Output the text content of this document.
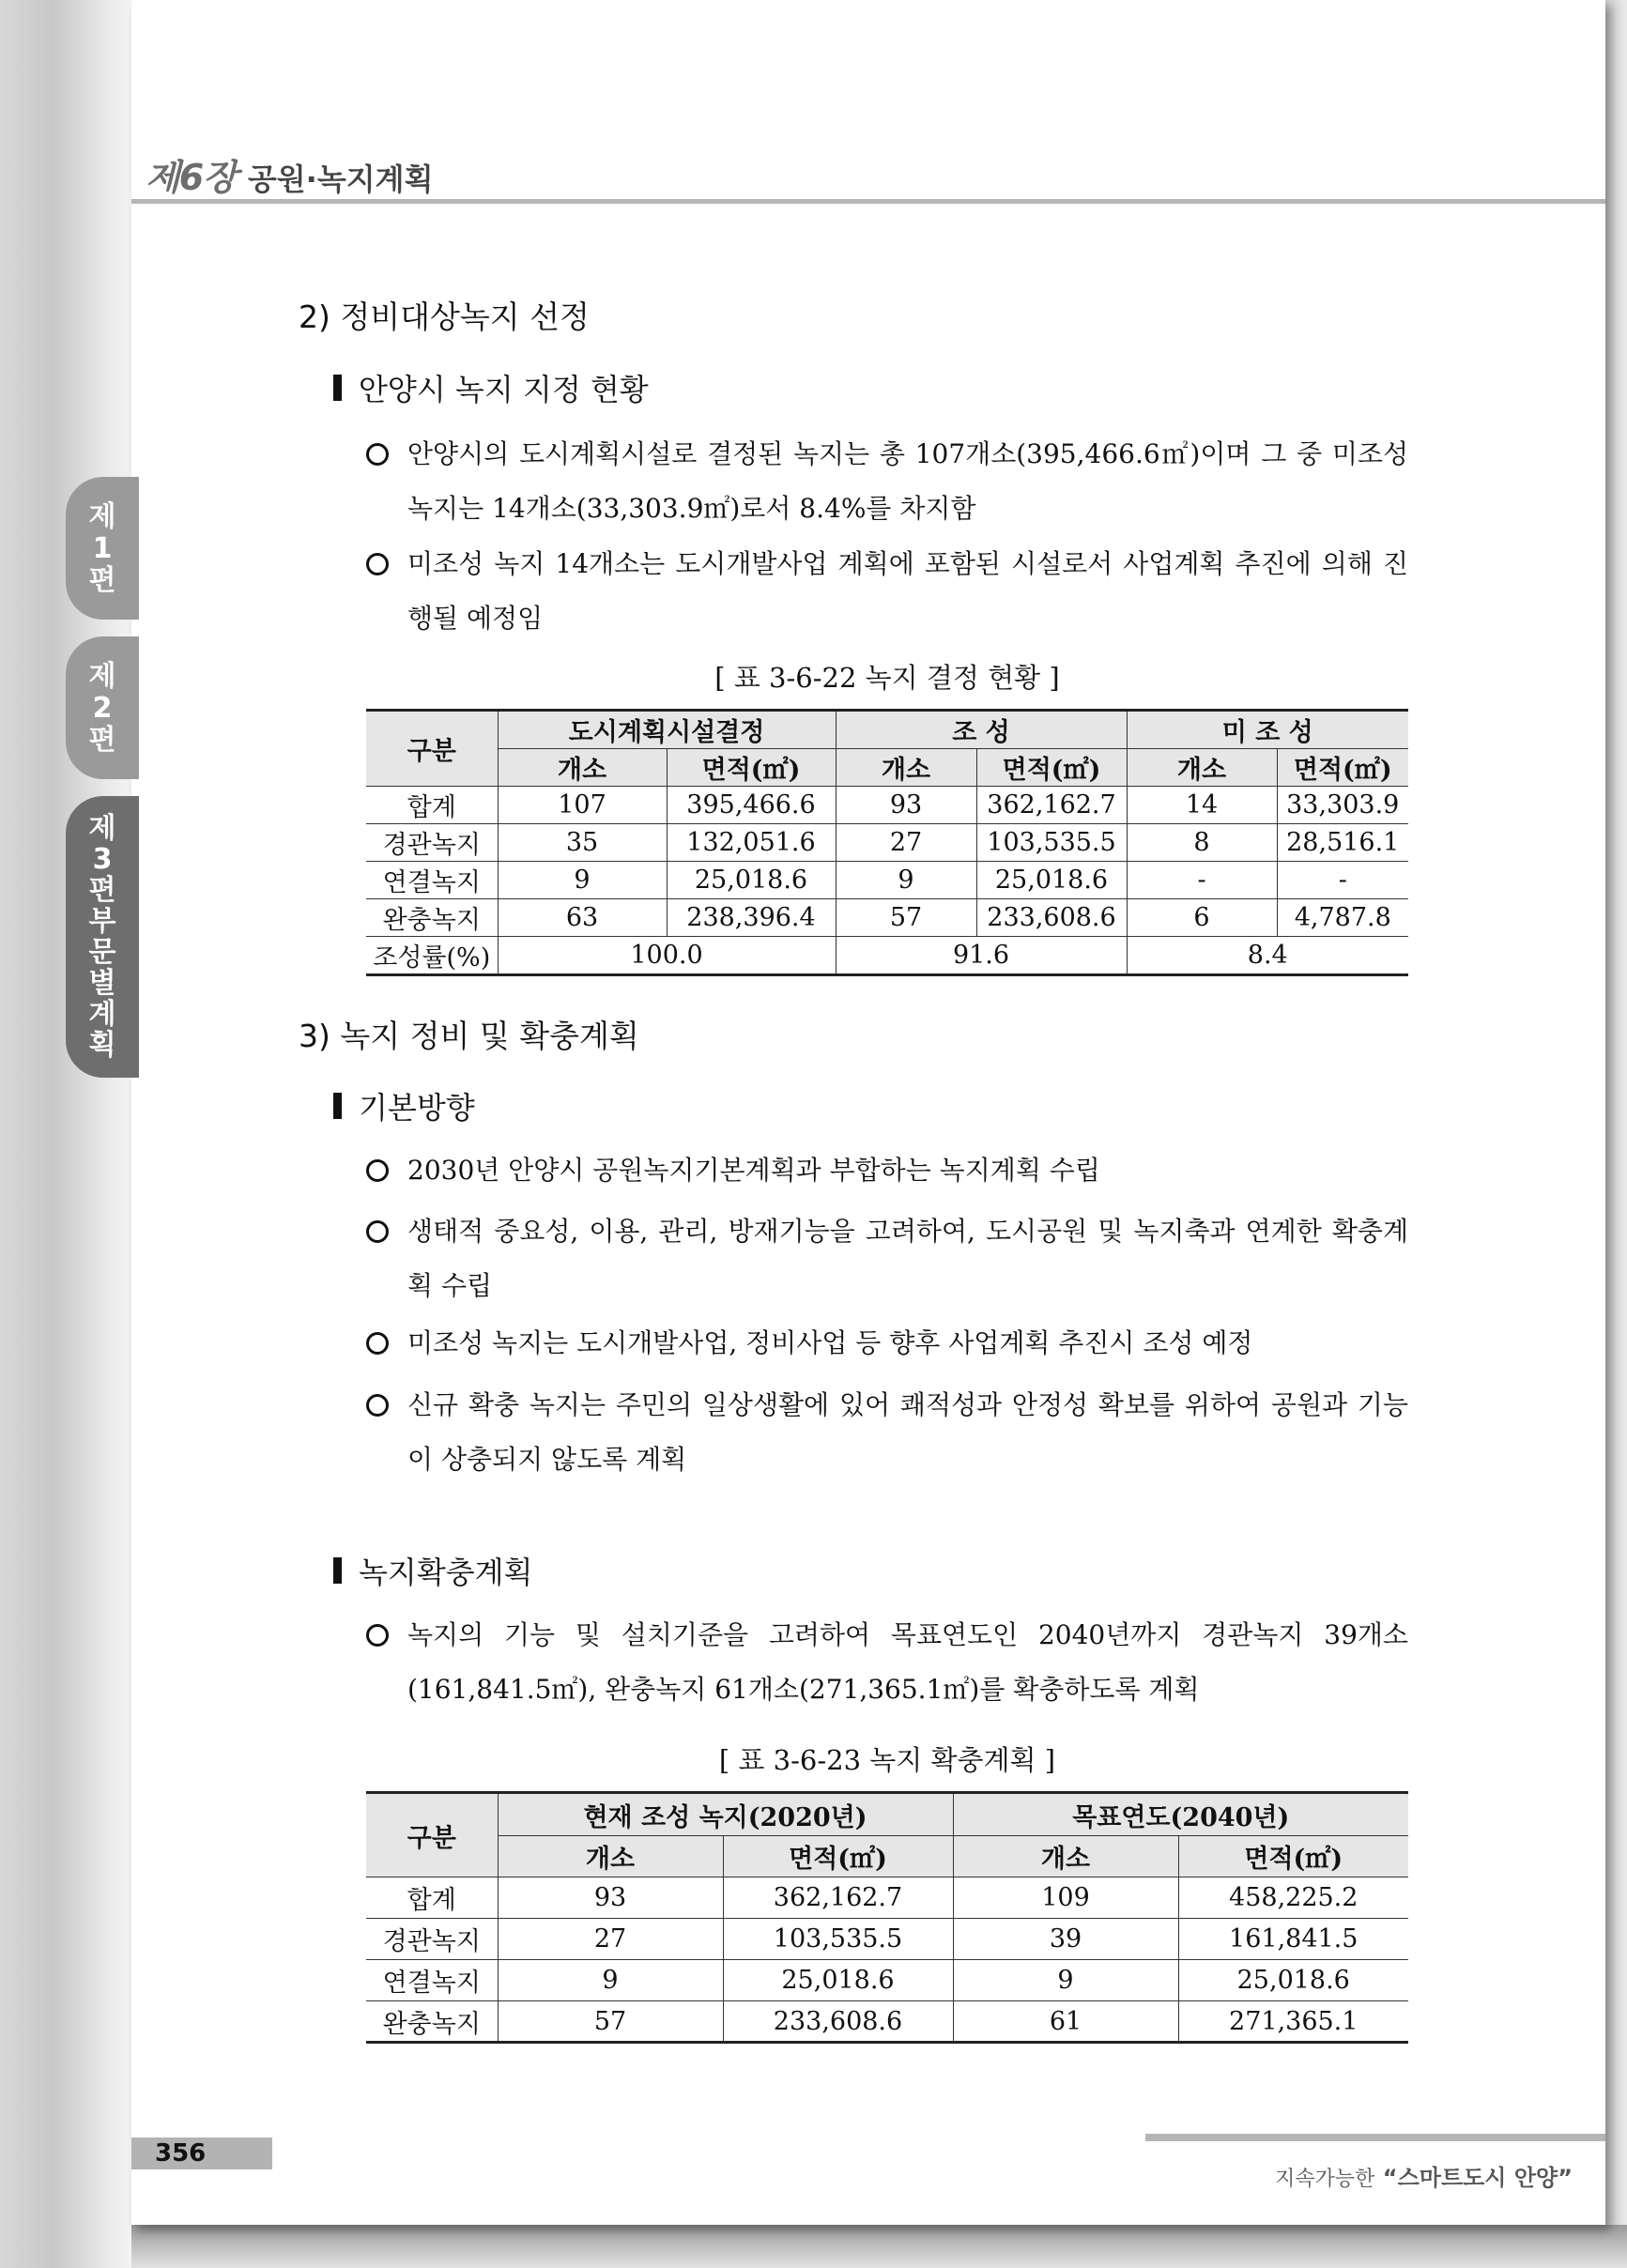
제6장 공원·녹지계획
제
1
편
제
2
편
제
3
편
부
문
별
계
획
2) 정비대상녹지 선정
안양시 녹지 지정 현황
안양시의 도시계획시설로 결정된 녹지는 총 107개소(395,466.6㎡)이며 그 중 미조성 녹지는 14개소(33,303.9㎡)로서 8.4%를 차지함
미조성 녹지 14개소는 도시개발사업 계획에 포함된 시설로서 사업계획 추진에 의해 진행될 예정임
[ 표 3-6-22 녹지 결정 현황 ]
구분	도시계획시설결정		조 성		미 조 성	
	개소	면적(㎡)	개소	면적(㎡)	개소	면적(㎡)
합계	107	395,466.6	93	362,162.7	14	33,303.9
경관녹지	35	132,051.6	27	103,535.5	8	28,516.1
연결녹지	9	25,018.6	9	25,018.6	-	-
완충녹지	63	238,396.4	57	233,608.6	6	4,787.8
조성률(%)	100.0		91.6		8.4	
3) 녹지 정비 및 확충계획
기본방향
2030년 안양시 공원녹지기본계획과 부합하는 녹지계획 수립
생태적 중요성, 이용, 관리, 방재기능을 고려하여, 도시공원 및 녹지축과 연계한 확충계획 수립
미조성 녹지는 도시개발사업, 정비사업 등 향후 사업계획 추진시 조성 예정
신규 확충 녹지는 주민의 일상생활에 있어 쾌적성과 안정성 확보를 위하여 공원과 기능이 상충되지 않도록 계획
녹지확충계획
녹지의 기능 및 설치기준을 고려하여 목표연도인 2040년까지 경관녹지 39개소 (161,841.5㎡), 완충녹지 61개소(271,365.1㎡)를 확충하도록 계획
[ 표 3-6-23 녹지 확충계획 ]
구분	현재 조성 녹지(2020년)		목표연도(2040년)	
	개소	면적(㎡)	개소	면적(㎡)
합계	93	362,162.7	109	458,225.2
경관녹지	27	103,535.5	39	161,841.5
연결녹지	9	25,018.6	9	25,018.6
완충녹지	57	233,608.6	61	271,365.1
356
지속가능한 “스마트도시 안양”
